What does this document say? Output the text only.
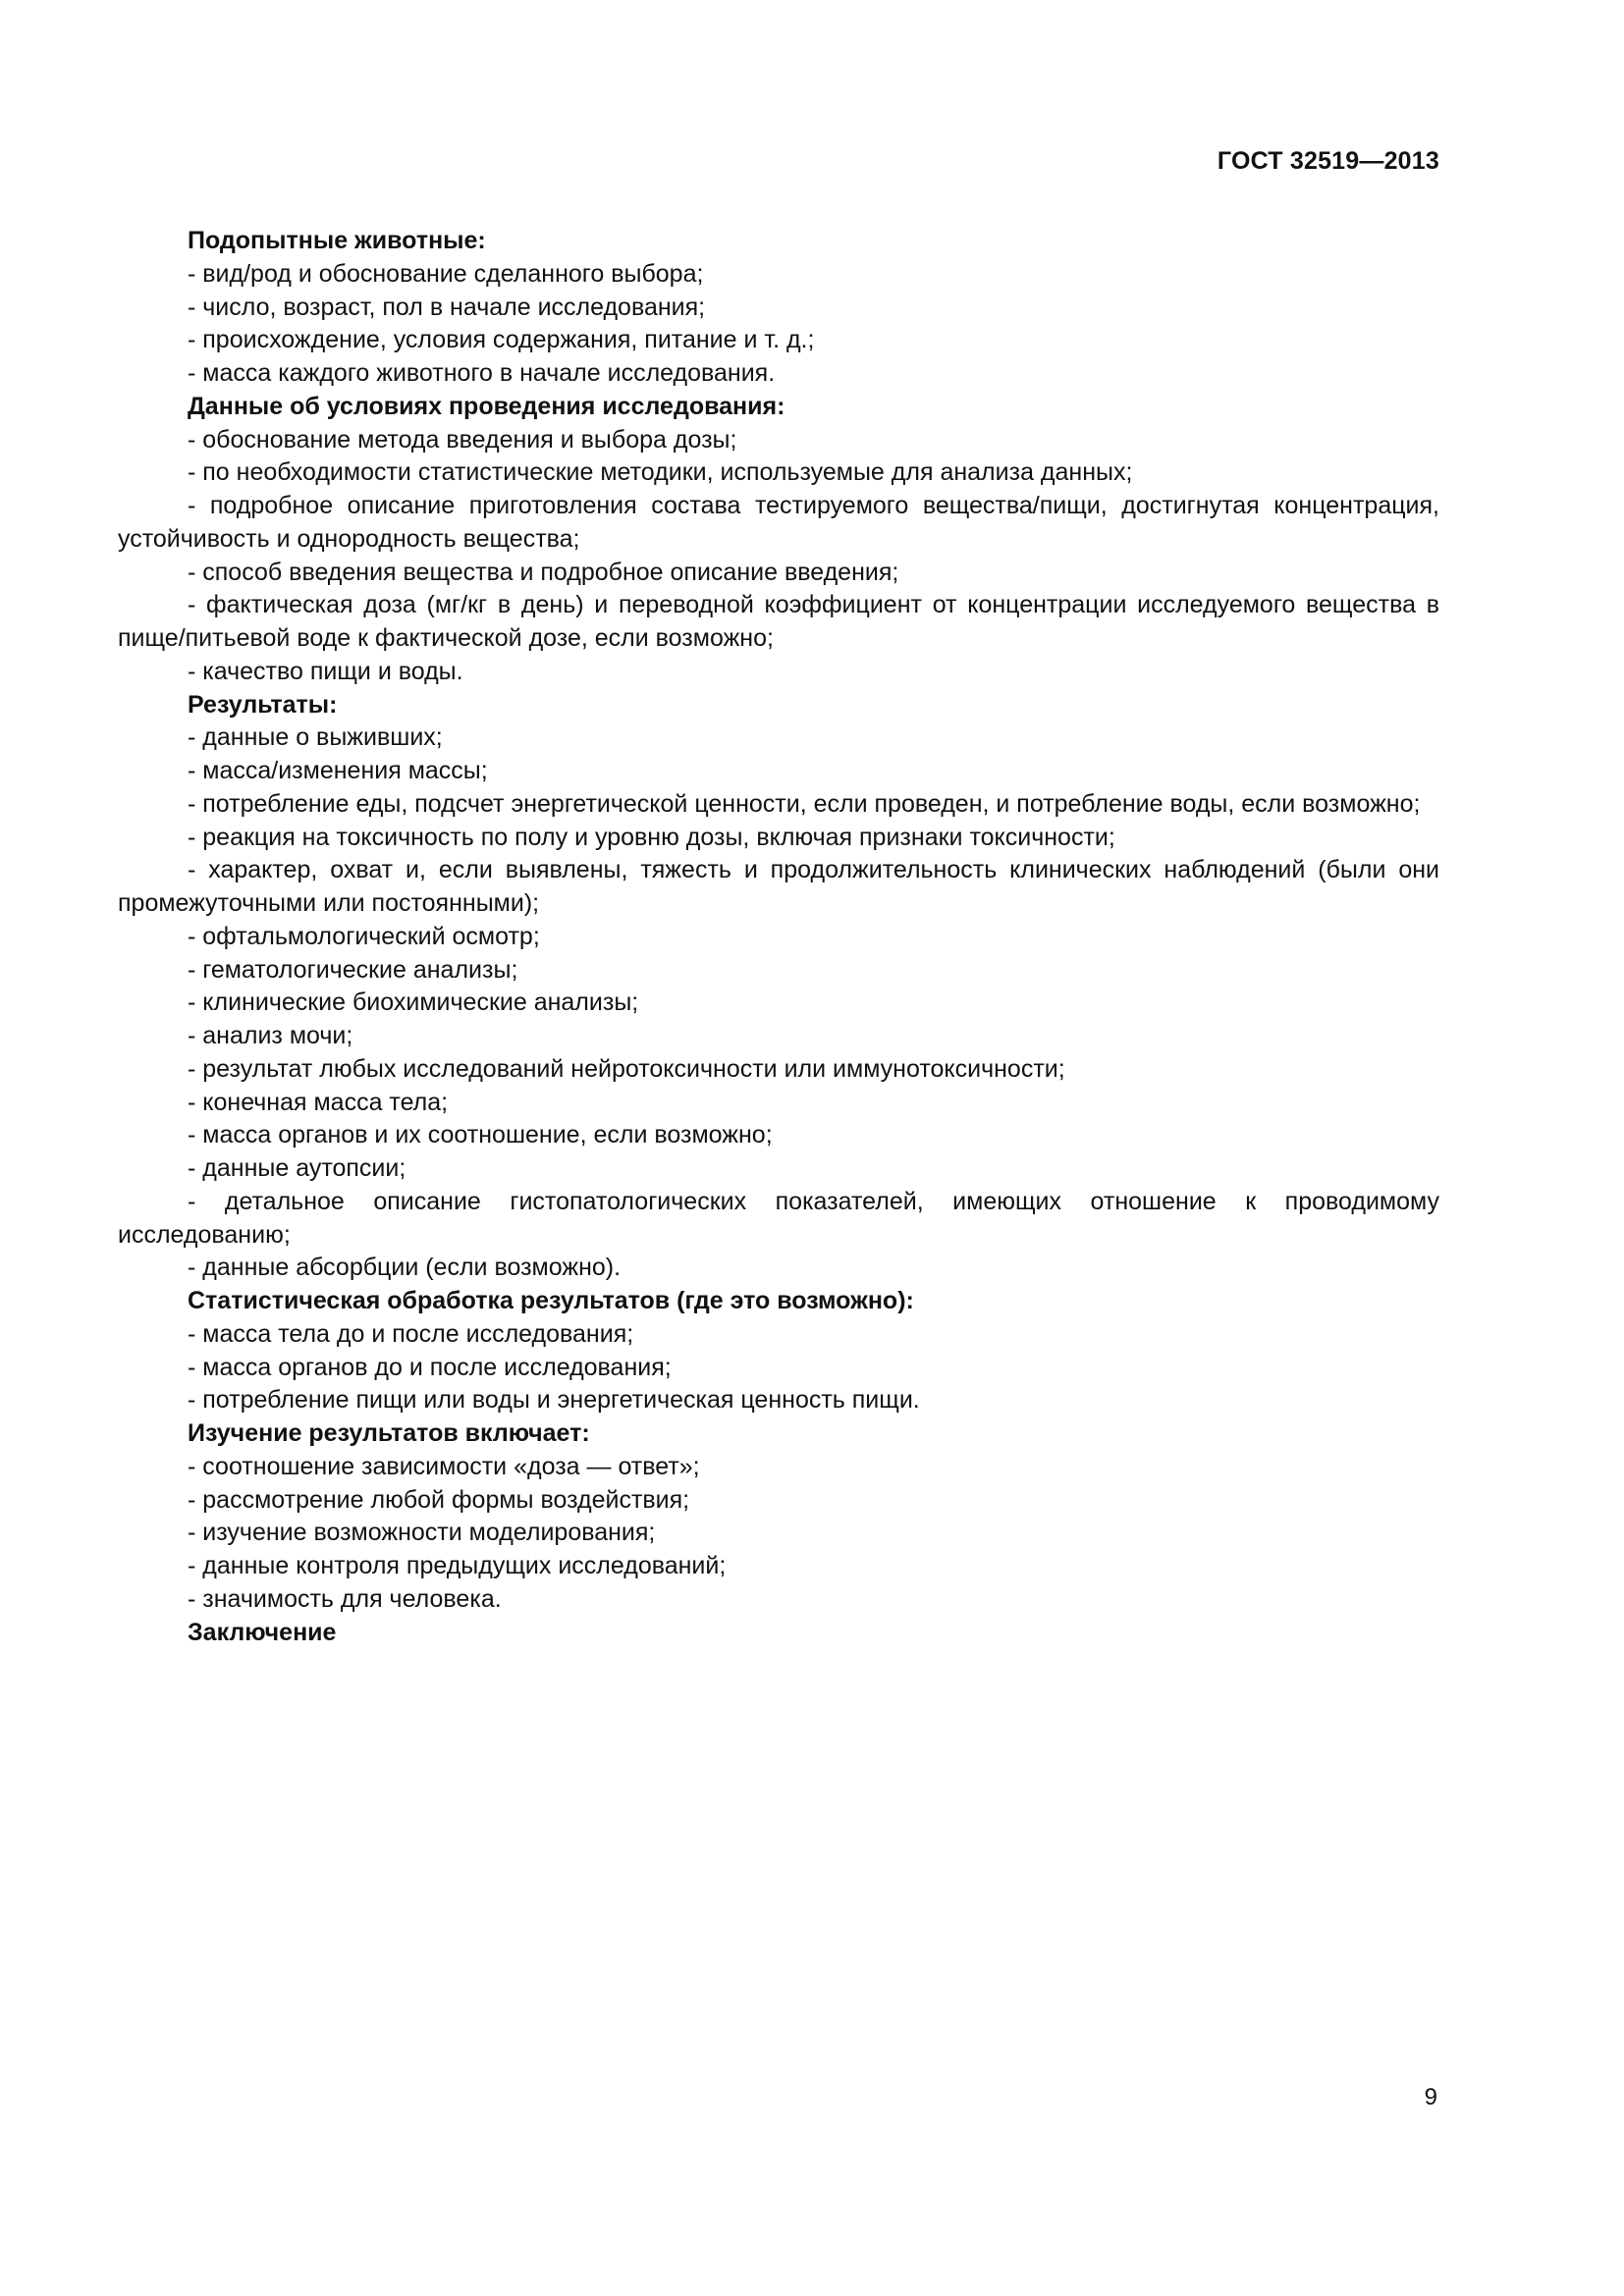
ГОСТ 32519—2013

Подопытные животные:

- вид/род и обоснование сделанного выбора;

- число, возраст, пол в начале исследования;

- происхождение, условия содержания, питание и т. д.;

- масса каждого животного в начале исследования.

Данные об условиях проведения исследования:

- обоснование метода введения и выбора дозы;

- по необходимости статистические методики, используемые для анализа данных;

- подробное описание приготовления состава тестируемого вещества/пищи, достигнутая концентрация, устойчивость и однородность вещества;

- способ введения вещества и подробное описание введения;

- фактическая доза (мг/кг в день) и переводной коэффициент от концентрации исследуемого вещества в пище/питьевой воде к фактической дозе, если возможно;

- качество пищи и воды.

Результаты:

- данные о выживших;

- масса/изменения массы;

- потребление еды, подсчет энергетической ценности, если проведен, и потребление воды, если возможно;

- реакция на токсичность по полу и уровню дозы, включая признаки токсичности;

- характер, охват и, если выявлены, тяжесть и продолжительность клинических наблюдений (были они промежуточными или постоянными);

- офтальмологический осмотр;

- гематологические анализы;

- клинические биохимические анализы;

- анализ мочи;

- результат любых исследований нейротоксичности или иммунотоксичности;

- конечная масса тела;

- масса органов и их соотношение, если возможно;

- данные аутопсии;

- детальное описание гистопатологических показателей, имеющих отношение к проводимому исследованию;

- данные абсорбции (если возможно).

Статистическая обработка результатов (где это возможно):

- масса тела до и после исследования;

- масса органов до и после исследования;

- потребление пищи или воды и энергетическая ценность пищи.

Изучение результатов включает:

- соотношение зависимости «доза — ответ»;

- рассмотрение любой формы воздействия;

- изучение возможности моделирования;

- данные контроля предыдущих исследований;

- значимость для человека.

Заключение

9
